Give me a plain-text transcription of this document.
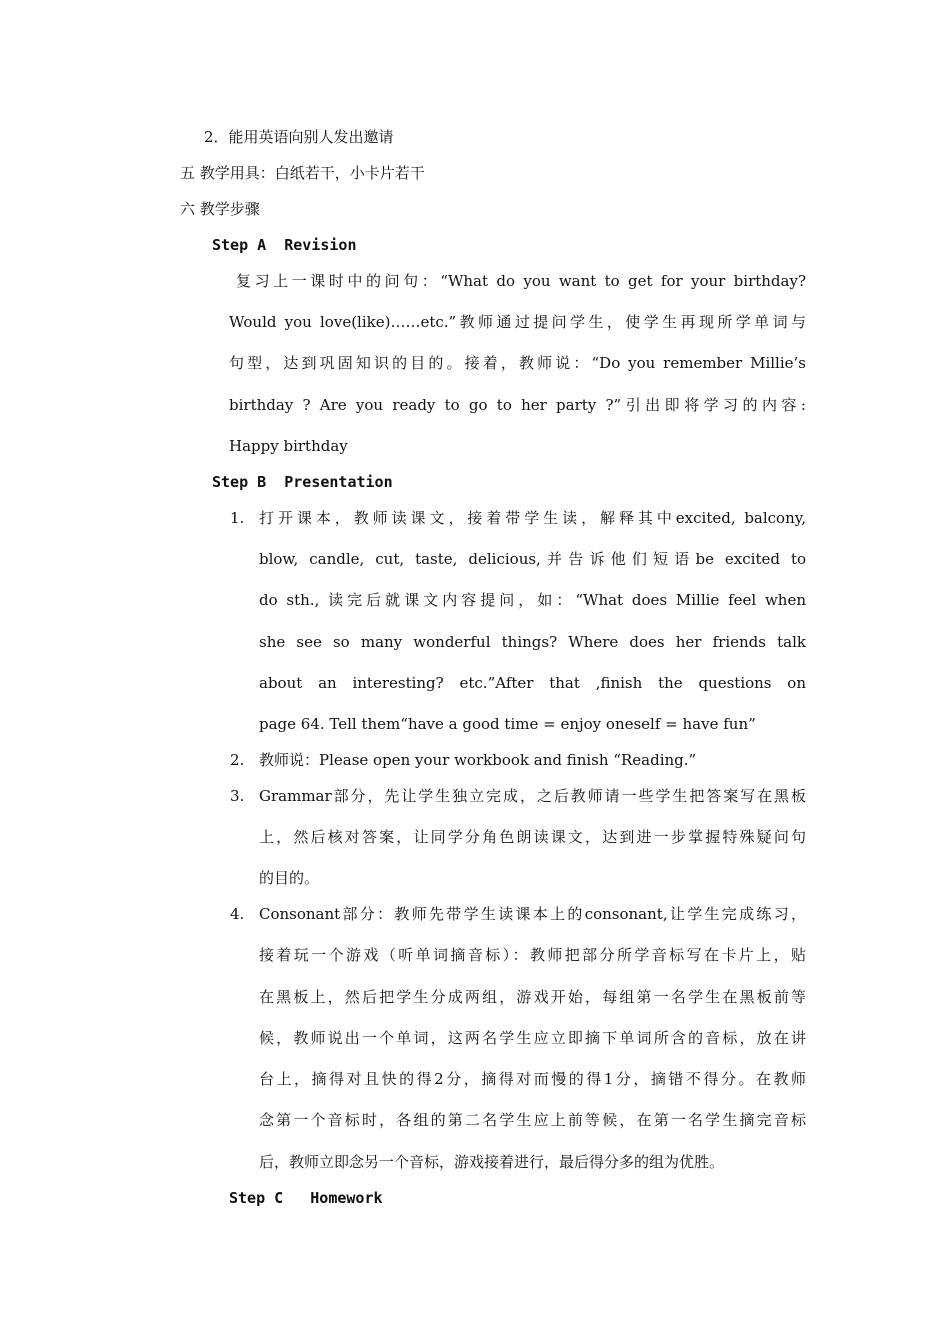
2．能用英语向别人发出邀请
五 教学用具：白纸若干，小卡片若干
六 教学步骤
Step A  Revision
复习上一课时中的问句：“What do you want to get for your birthday?
Would you love(like)……etc.”教师通过提问学生，使学生再现所学单词与
句型，达到巩固知识的目的。接着，教师说：“Do you remember Millie’s
birthday ? Are you ready to go to her party ?”引出即将学习的内容:
Happy birthday
Step B  Presentation
1. 打开课本，教师读课文，接着带学生读，解释其中excited, balcony,
blow, candle, cut, taste, delicious,并告诉他们短语be excited to
do sth., 读完后就课文内容提问，如：“What does Millie feel when
she see so many wonderful things? Where does her friends talk
about an interesting? etc.”After that ,finish the questions on
page 64. Tell them“have a good time = enjoy oneself = have fun”
2. 教师说：Please open your workbook and finish “Reading.”
3. Grammar部分，先让学生独立完成，之后教师请一些学生把答案写在黑板
上，然后核对答案，让同学分角色朗读课文，达到进一步掌握特殊疑问句
的目的。
4. Consonant部分：教师先带学生读课本上的consonant,让学生完成练习，
接着玩一个游戏（听单词摘音标）：教师把部分所学音标写在卡片上，贴
在黑板上，然后把学生分成两组，游戏开始，每组第一名学生在黑板前等
候，教师说出一个单词，这两名学生应立即摘下单词所含的音标，放在讲
台上，摘得对且快的得2分，摘得对而慢的得1分，摘错不得分。在教师
念第一个音标时，各组的第二名学生应上前等候，在第一名学生摘完音标
后，教师立即念另一个音标，游戏接着进行，最后得分多的组为优胜。
Step C   Homework
